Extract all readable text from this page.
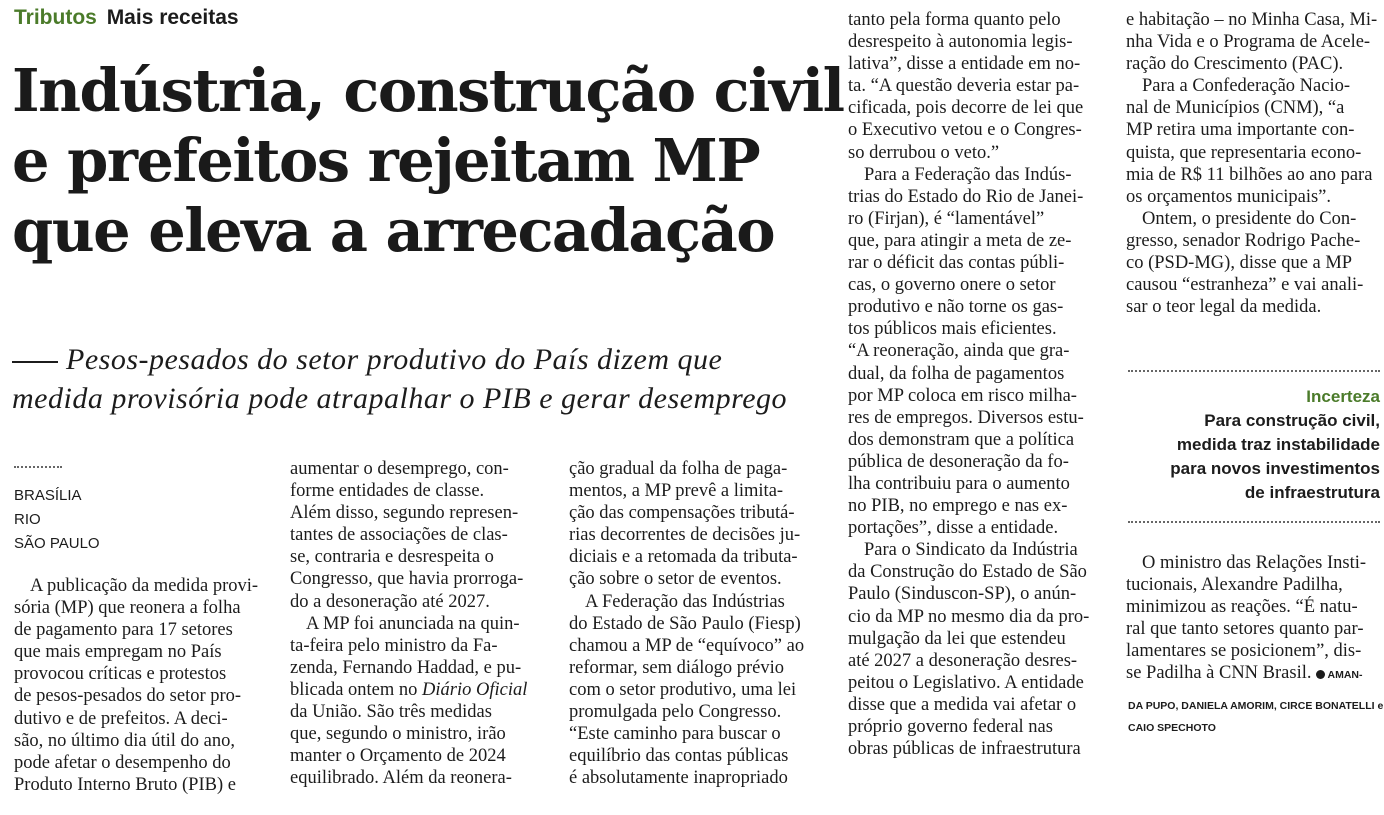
Tributos Mais receitas
Indústria, construção civil
e prefeitos rejeitam MP
que eleva a arrecadação
Pesos-pesados do setor produtivo do País dizem que
medida provisória pode atrapalhar o PIB e gerar desemprego
BRASÍLIA
RIO
SÃO PAULO
A publicação da medida provi-
sória (MP) que reonera a folha
de pagamento para 17 setores
que mais empregam no País
provocou críticas e protestos
de pesos-pesados do setor pro-
dutivo e de prefeitos. A deci-
são, no último dia útil do ano,
pode afetar o desempenho do
Produto Interno Bruto (PIB) e
aumentar o desemprego, con-
forme entidades de classe.
Além disso, segundo represen-
tantes de associações de clas-
se, contraria e desrespeita o
Congresso, que havia prorroga-
do a desoneração até 2027.
A MP foi anunciada na quin-
ta-feira pelo ministro da Fa-
zenda, Fernando Haddad, e pu-
blicada ontem no Diário Oficial
da União. São três medidas
que, segundo o ministro, irão
manter o Orçamento de 2024
equilibrado. Além da reonera-
ção gradual da folha de paga-
mentos, a MP prevê a limita-
ção das compensações tributá-
rias decorrentes de decisões ju-
diciais e a retomada da tributa-
ção sobre o setor de eventos.
A Federação das Indústrias
do Estado de São Paulo (Fiesp)
chamou a MP de “equívoco” ao
reformar, sem diálogo prévio
com o setor produtivo, uma lei
promulgada pelo Congresso.
“Este caminho para buscar o
equilíbrio das contas públicas
é absolutamente inapropriado
tanto pela forma quanto pelo
desrespeito à autonomia legis-
lativa”, disse a entidade em no-
ta. “A questão deveria estar pa-
cificada, pois decorre de lei que
o Executivo vetou e o Congres-
so derrubou o veto.”
Para a Federação das Indús-
trias do Estado do Rio de Janei-
ro (Firjan), é “lamentável”
que, para atingir a meta de ze-
rar o déficit das contas públi-
cas, o governo onere o setor
produtivo e não torne os gas-
tos públicos mais eficientes.
“A reoneração, ainda que gra-
dual, da folha de pagamentos
por MP coloca em risco milha-
res de empregos. Diversos estu-
dos demonstram que a política
pública de desoneração da fo-
lha contribuiu para o aumento
no PIB, no emprego e nas ex-
portações”, disse a entidade.
Para o Sindicato da Indústria
da Construção do Estado de São
Paulo (Sinduscon-SP), o anún-
cio da MP no mesmo dia da pro-
mulgação da lei que estendeu
até 2027 a desoneração desres-
peitou o Legislativo. A entidade
disse que a medida vai afetar o
próprio governo federal nas
obras públicas de infraestrutura
e habitação – no Minha Casa, Mi-
nha Vida e o Programa de Acele-
ração do Crescimento (PAC).
Para a Confederação Nacio-
nal de Municípios (CNM), “a
MP retira uma importante con-
quista, que representaria econo-
mia de R$ 11 bilhões ao ano para
os orçamentos municipais”.
Ontem, o presidente do Con-
gresso, senador Rodrigo Pache-
co (PSD-MG), disse que a MP
causou “estranheza” e vai anali-
sar o teor legal da medida.
Incerteza
Para construção civil,
medida traz instabilidade
para novos investimentos
de infraestrutura
O ministro das Relações Insti-
tucionais, Alexandre Padilha,
minimizou as reações. “É natu-
ral que tanto setores quanto par-
lamentares se posicionem”, dis-
se Padilha à CNN Brasil. AMAN-
DA PUPO, DANIELA AMORIM, CIRCE BONATELLI e
CAIO SPECHOTO
